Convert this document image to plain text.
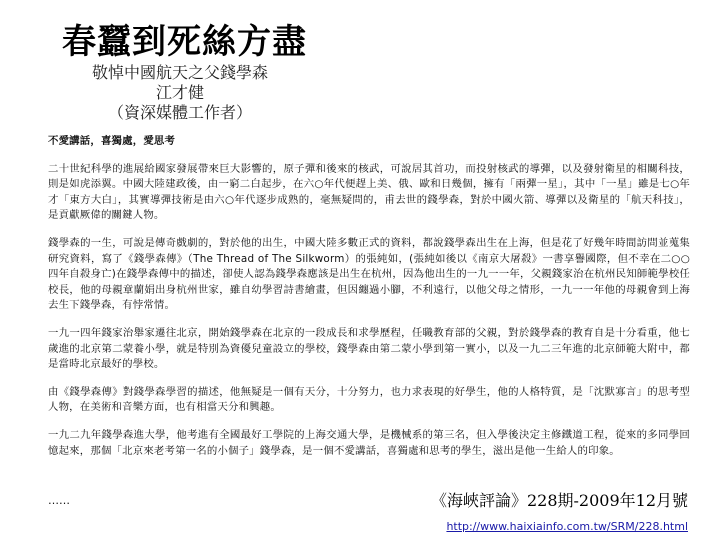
春蠶到死絲方盡
敬悼中國航天之父錢學森
江才健
（資深媒體工作者）
不愛講話，喜獨處，愛思考

二十世紀科學的進展給國家發展帶來巨大影響的，原子彈和後來的核武，可說居其首功，而投射核武的導彈，以及發射衛星的相關科技，則是如虎添翼。中國大陸建政後，由一窮二白起步，在六○年代便趕上美、俄、歐和日幾個，擁有「兩彈一星」，其中「一星」雖是七○年才「東方大白」，其實導彈技術是由六○年代逐步成熟的，毫無疑問的，甫去世的錢學森，對於中國火箭、導彈以及衛星的「航天科技」，是貢獻厥偉的關鍵人物。

錢學森的一生，可說是傳奇戲劇的，對於他的出生，中國大陸多數正式的資料，都說錢學森出生在上海，但是花了好幾年時間訪問並蒐集研究資料，寫了《錢學森傳》（The Thread of The Silkworm）的張純如，(張純如後以《南京大屠殺》一書享譽國際，但不幸在二○○四年自殺身亡)在錢學森傳中的描述，卻使人認為錢學森應該是出生在杭州，因為他出生的一九一一年，父親錢家治在杭州民知師範學校任校長，他的母親章蘭娟出身杭州世家，雖自幼學習詩書繪畫，但因纏過小腳，不利遠行，以他父母之情形，一九一一年他的母親會到上海去生下錢學森，有悖常情。

一九一四年錢家治舉家遷往北京，開始錢學森在北京的一段成長和求學歷程，任職教育部的父親，對於錢學森的教育自是十分看重，他七歲進的北京第二蒙養小學，就是特別為資優兒童設立的學校，錢學森由第二蒙小學到第一實小，以及一九二三年進的北京師範大附中，都是當時北京最好的學校。

由《錢學森傳》對錢學森學習的描述，他無疑是一個有天分，十分努力，也力求表現的好學生，他的人格特質，是「沈默寡言」的思考型人物，在美術和音樂方面，也有相當天分和興趣。

一九二九年錢學森進大學，他考進有全國最好工學院的上海交通大學，是機械系的第三名，但入學後決定主修鐵道工程，從來的多同學回憶起來，那個「北京來老考第一名的小個子」錢學森，是一個不愛講話，喜獨處和思考的學生，滋出是他一生給人的印象。

……	《海峽評論》228期-2009年12月號
http://www.haixiainfo.com.tw/SRM/228.html
